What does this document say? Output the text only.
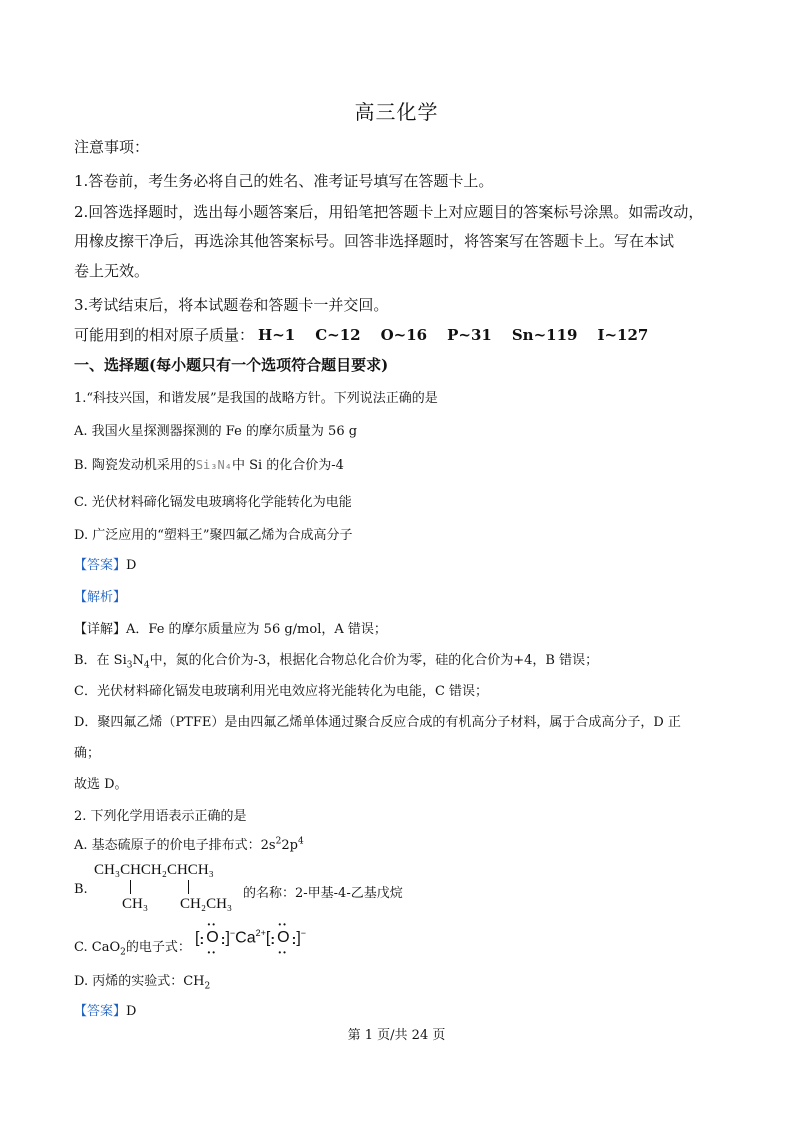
高三化学
注意事项：
1.答卷前，考生务必将自己的姓名、准考证号填写在答题卡上。
2.回答选择题时，选出每小题答案后，用铅笔把答题卡上对应题目的答案标号涂黑。如需改动，
用橡皮擦干净后，再选涂其他答案标号。回答非选择题时，将答案写在答题卡上。写在本试
卷上无效。
3.考试结束后，将本试题卷和答题卡一并交回。
可能用到的相对原子质量： H~1 C~12 O~16 P~31 Sn~119 I~127
一、选择题(每小题只有一个选项符合题目要求)
1.“科技兴国，和谐发展”是我国的战略方针。下列说法正确的是
A. 我国火星探测器探测的 Fe 的摩尔质量为 56 g
B. 陶瓷发动机采用的Si₃N₄中 Si 的化合价为-4
C. 光伏材料碲化镉发电玻璃将化学能转化为电能
D. 广泛应用的“塑料王”聚四氟乙烯为合成高分子
【答案】D
【解析】
【详解】A．Fe 的摩尔质量应为 56 g/mol，A 错误；
B．在 $Si_3N_4$中，氮的化合价为-3，根据化合物总化合价为零，硅的化合价为+4，B 错误；
C．光伏材料碲化镉发电玻璃利用光电效应将光能转化为电能，C 错误；
D．聚四氟乙烯（PTFE）是由四氟乙烯单体通过聚合反应合成的有机高分子材料，属于合成高分子，D 正
确；
故选 D。
2. 下列化学用语表示正确的是
A. 基态硫原子的价电子排布式：$2s^22p^4$
B.
CH₃CHCH₂CHCH₃
CH₃ CH₂CH₃
的名称：2-甲基-4-乙基戊烷
C. CaO$_2$的电子式：
[
••
: O :
••
]$^-Ca^{2+}$[
••
: O :
••
]−
D. 丙烯的实验式：$CH_2$
【答案】D
第 1 页/共 24 页
